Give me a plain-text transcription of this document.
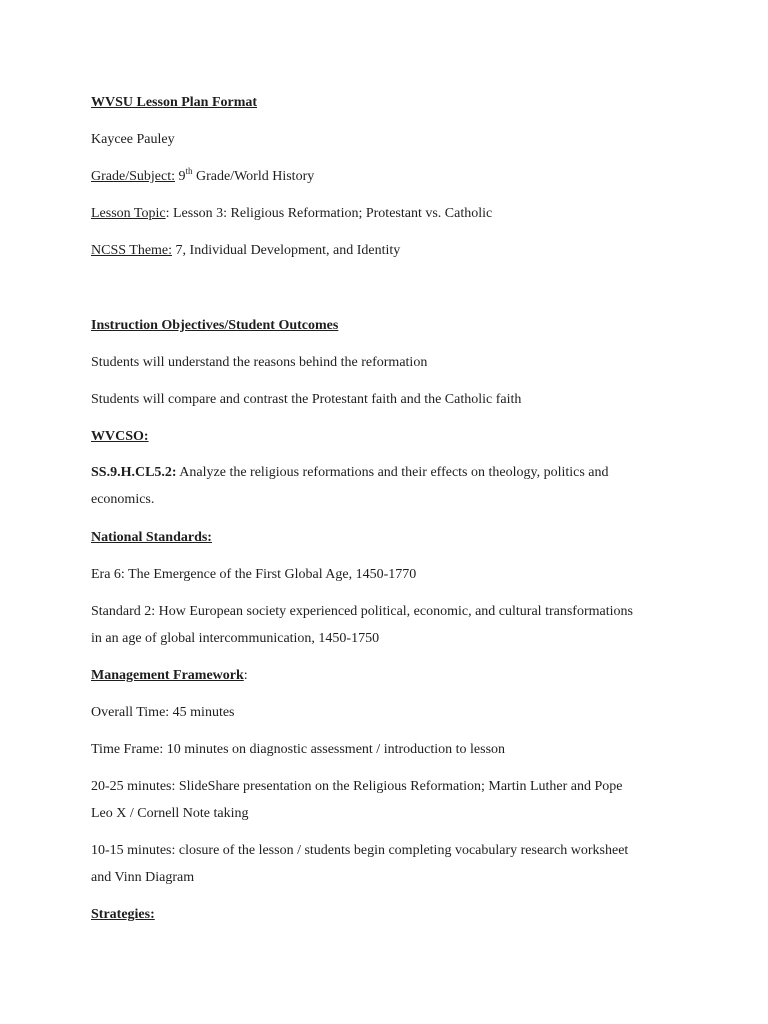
WVSU Lesson Plan Format
Kaycee Pauley
Grade/Subject: 9th Grade/World History
Lesson Topic: Lesson 3: Religious Reformation; Protestant vs. Catholic
NCSS Theme: 7, Individual Development, and Identity
Instruction Objectives/Student Outcomes
Students will understand the reasons behind the reformation
Students will compare and contrast the Protestant faith and the Catholic faith
WVCSO:
SS.9.H.CL5.2: Analyze the religious reformations and their effects on theology, politics and
economics.
National Standards:
Era 6: The Emergence of the First Global Age, 1450-1770
Standard 2: How European society experienced political, economic, and cultural transformations
in an age of global intercommunication, 1450-1750
Management Framework:
Overall Time: 45 minutes
Time Frame: 10 minutes on diagnostic assessment / introduction to lesson
20-25 minutes: SlideShare presentation on the Religious Reformation; Martin Luther and Pope
Leo X / Cornell Note taking
10-15 minutes: closure of the lesson / students begin completing vocabulary research worksheet
and Vinn Diagram
Strategies:
